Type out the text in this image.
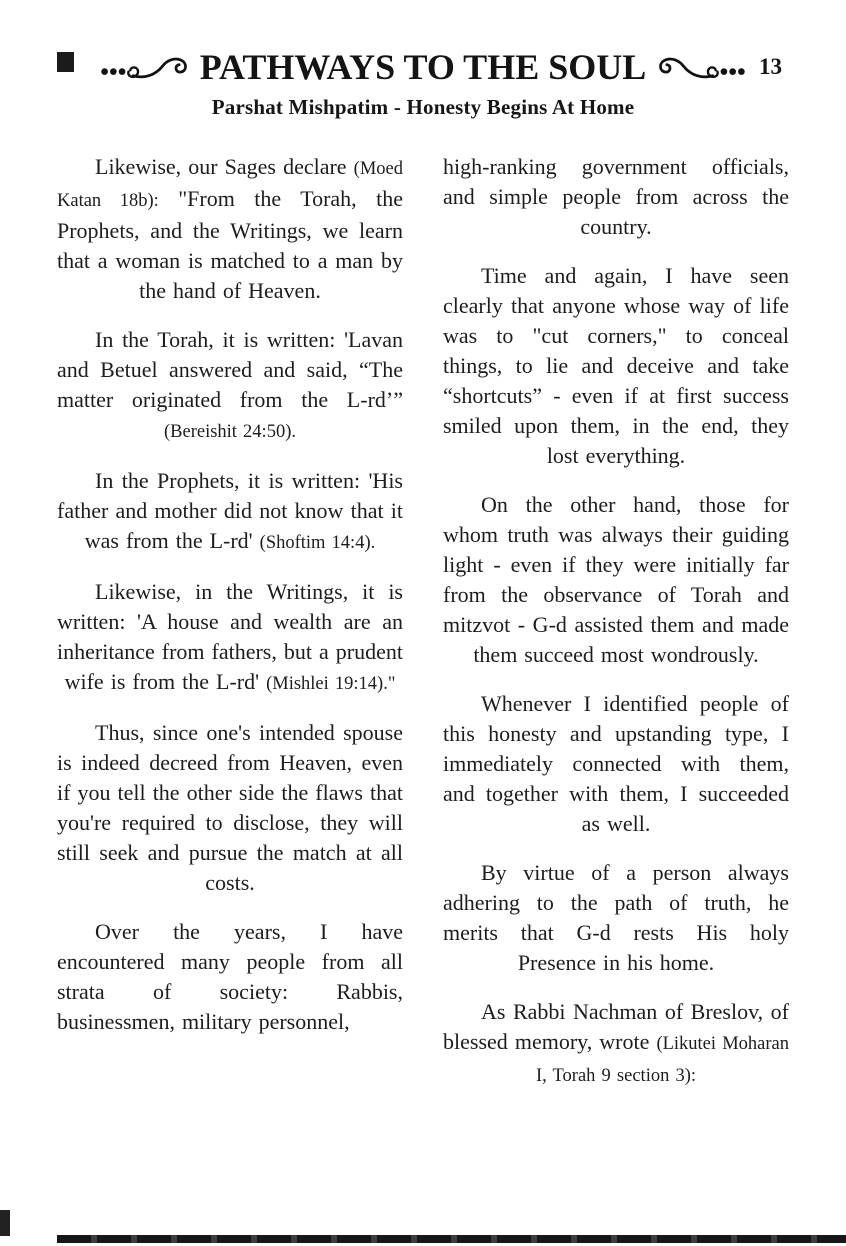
PATHWAYS TO THE SOUL	13
Parshat Mishpatim - Honesty Begins At Home

Likewise, our Sages declare (Moed Katan 18b): "From the Torah, the Prophets, and the Writings, we learn that a woman is matched to a man by the hand of Heaven.

In the Torah, it is written: 'Lavan and Betuel answered and said, “The matter originated from the L-rd’” (Bereishit 24:50).

In the Prophets, it is written: 'His father and mother did not know that it was from the L-rd' (Shoftim 14:4).

Likewise, in the Writings, it is written: 'A house and wealth are an inheritance from fathers, but a prudent wife is from the L-rd' (Mishlei 19:14)."

Thus, since one's intended spouse is indeed decreed from Heaven, even if you tell the other side the flaws that you're required to disclose, they will still seek and pursue the match at all costs.

Over the years, I have encountered many people from all strata of society: Rabbis, businessmen, military personnel,

high-ranking government officials, and simple people from across the country.

Time and again, I have seen clearly that anyone whose way of life was to "cut corners," to conceal things, to lie and deceive and take “shortcuts” - even if at first success smiled upon them, in the end, they lost everything.

On the other hand, those for whom truth was always their guiding light - even if they were initially far from the observance of Torah and mitzvot - G-d assisted them and made them succeed most wondrously.

Whenever I identified people of this honesty and upstanding type, I immediately connected with them, and together with them, I succeeded as well.

By virtue of a person always adhering to the path of truth, he merits that G-d rests His holy Presence in his home.

As Rabbi Nachman of Breslov, of blessed memory, wrote (Likutei Moharan I, Torah 9 section 3):
